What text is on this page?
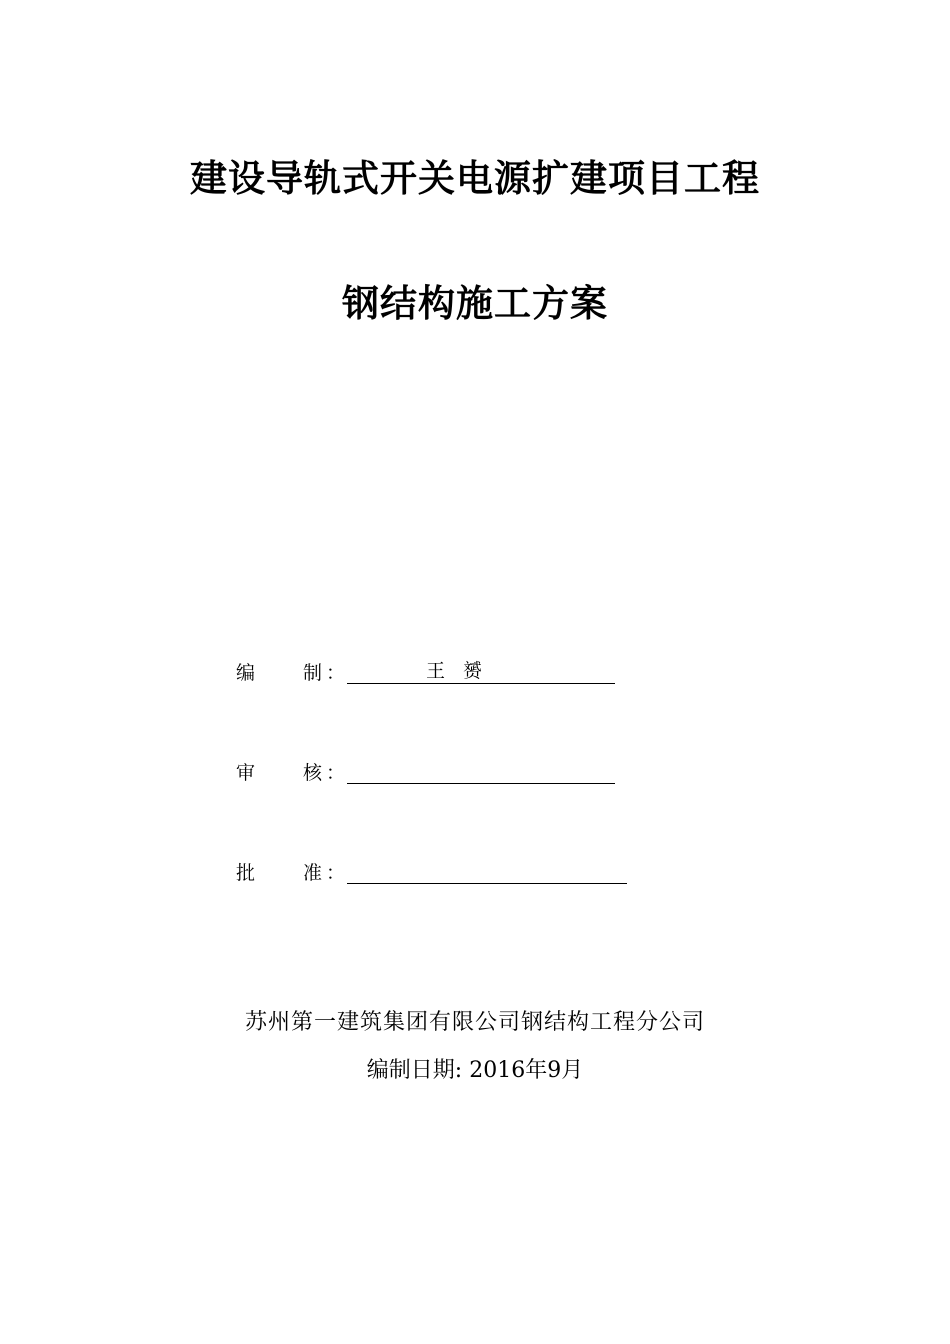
建设导轨式开关电源扩建项目工程
钢结构施工方案
编	制 ：	王赟
审	核 ：
批	准 ：
苏州第一建筑集团有限公司钢结构工程分公司
编制日期: 2016年9月
